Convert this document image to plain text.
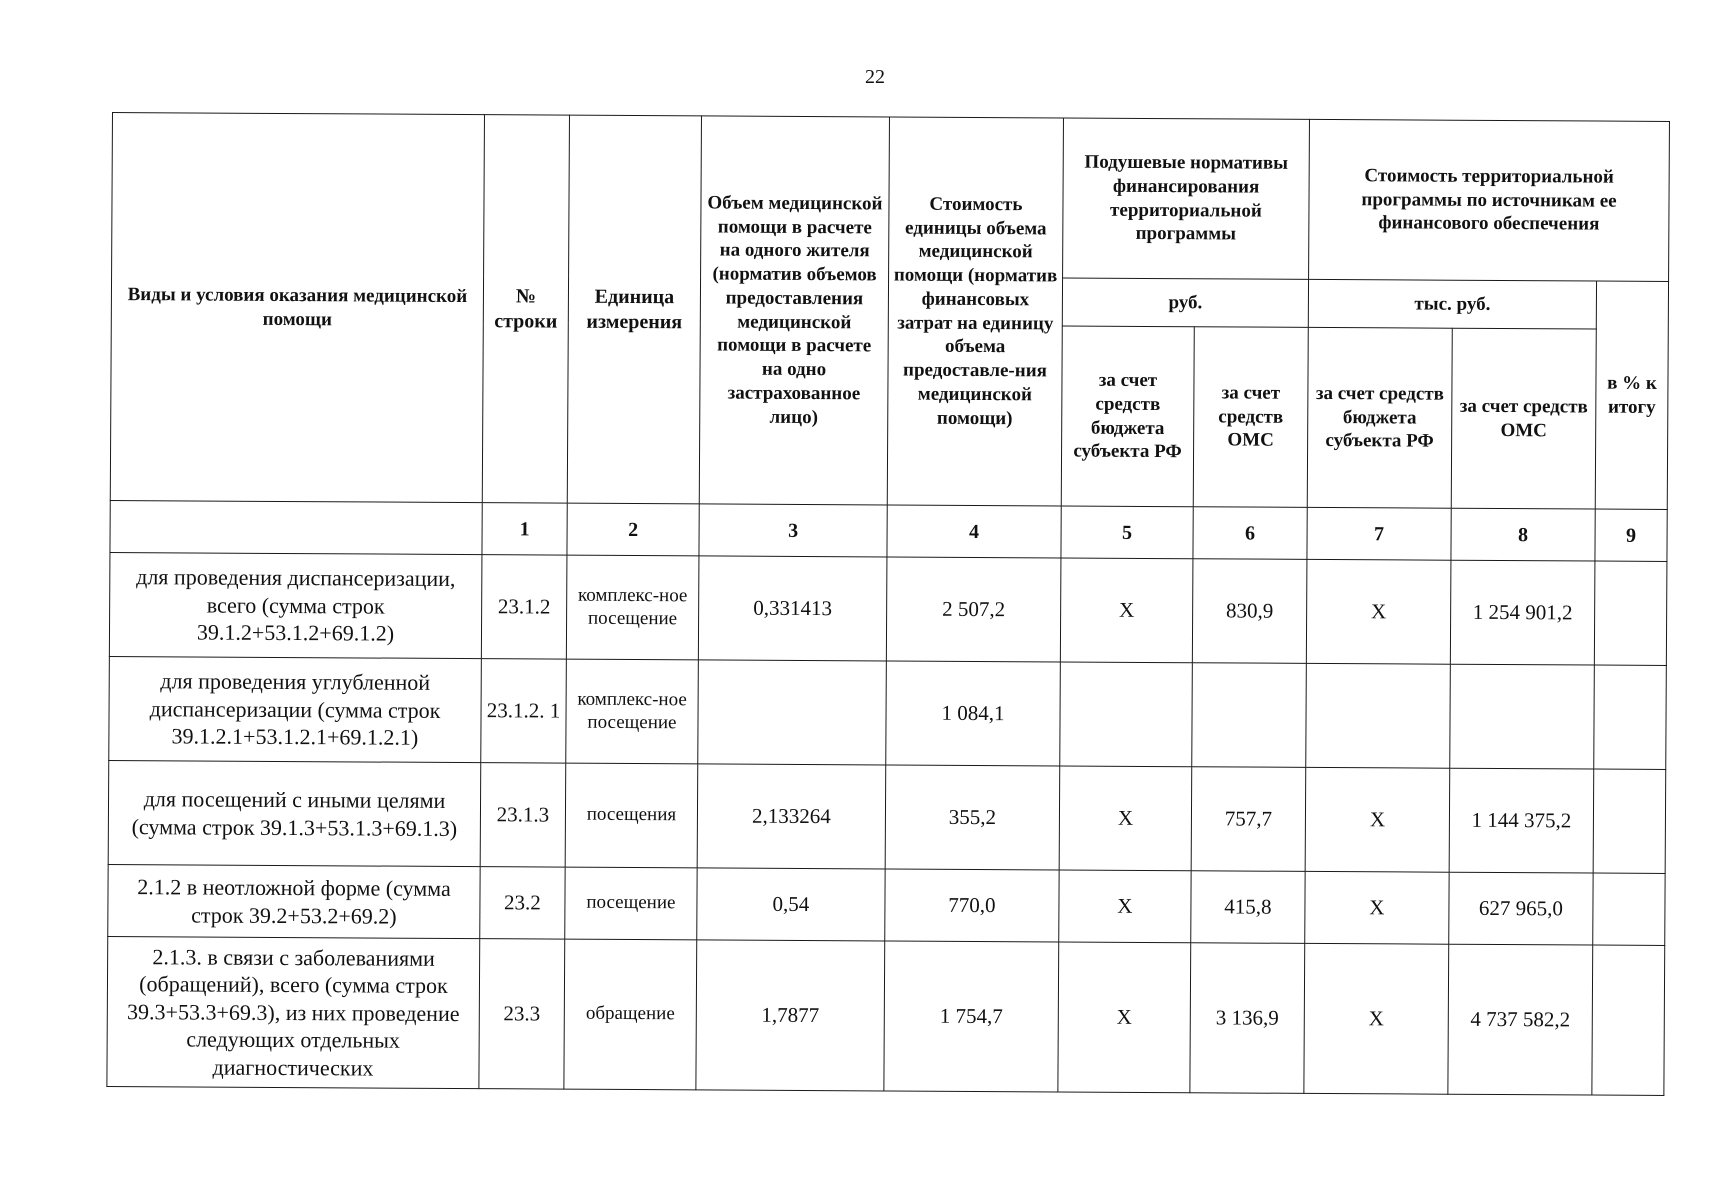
22
Виды и условия оказания медицинской помощи	№ строки	Единица измерения	Объем медицинской помощи в расчете на одного жителя (норматив объемов предоставления медицинской помощи в расчете на одно застрахованное лицо)	Стоимость единицы объема медицинской помощи (норматив финансовых затрат на единицу объема предоставле-ния медицинской помощи)	Подушевые нормативы финансирования территориальной программы		Стоимость территориальной программы по источникам ее финансового обеспечения		
					руб.		тыс. руб.		в % к итогу
					за счет средств бюджета субъекта РФ	за счет средств ОМС	за счет средств бюджета субъекта РФ	за счет средств ОМС	
	1	2	3	4	5	6	7	8	9
для проведения диспансеризации, всего (сумма строк 39.1.2+53.1.2+69.1.2)	23.1.2	комплекс-ное посещение	0,331413	2 507,2	X	830,9	X	1 254 901,2	
для проведения углубленной диспансеризации (сумма строк 39.1.2.1+53.1.2.1+69.1.2.1)	23.1.2. 1	комплекс-ное посещение		1 084,1					
для посещений с иными целями (сумма строк 39.1.3+53.1.3+69.1.3)	23.1.3	посещения	2,133264	355,2	X	757,7	X	1 144 375,2	
2.1.2 в неотложной форме (сумма строк 39.2+53.2+69.2)	23.2	посещение	0,54	770,0	X	415,8	X	627 965,0	
2.1.3. в связи с заболеваниями (обращений), всего (сумма строк 39.3+53.3+69.3), из них проведение следующих отдельных диагностических	23.3	обращение	1,7877	1 754,7	X	3 136,9	X	4 737 582,2	
